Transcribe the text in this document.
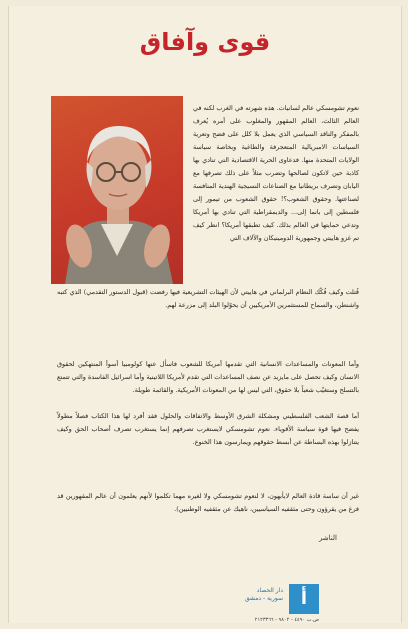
قوى وآفاق
نعوم تشومسكي عالم لسانيات. هذه شهرته في الغرب لكنه في العالم الثالث، العالم المقهور والمغلوب على أمره يُعرف بالمفكر والناقد السياسي الذي يعمل بلا كلل على فضح وتعرية السياسات الامبريالية المتعجرفة والطاغية وبخاصة سياسة الولايات المتحدة منها. فدعاوى الحرية الاقتصادية التي تنادي بها كاذبة حين لاتكون لصالحها وتضرب مثلاً على ذلك تصرفها مع اليابان وتصرف بريطانيا مع الصناعات النسيجية الهندية المنافسة لصناعتها. وحقوق الشعوب؟! حقوق الشعوب من تيمور إلى فلسطين إلى بانما إلى... والديمقراطية التي تنادي بها أمريكا وتدعي حمايتها في العالم بذلك. كيف تطبقها أمريكا؟ انظر كيف تم غزو هاييتي وجمهورية الدومينيكان والآلاف التي
قُتلت وكيف فُكّك النظام البرلماني في هاييتي لأن الهيئات التشريعية فيها رفضت (قبول الدستور التقدمي) الذي كتبه واشنطن، والسماح للمستثمرين الأمريكيين أن يحوّلوا البلد إلى مزرعة لهم.
وأما المعونات والمساعدات الانسانية التي تقدمها أمريكا للشعوب فاسأل عنها كولومبيا أسوأ المنتهكين لحقوق الانسان وكيف تحصل على مايزيد عن نصف المساعدات التي تقدم لأمريكا اللاتينية وأما اسرائيل الفاسدة والتي تتمتع بالتسلح وستغيّب شعباً بلا حقوق، التي ليس لها من المعونات الأمريكية. والقائمة طويلة.
أما قصة الشعب الفلسطيني ومشكلة الشرق الأوسط والاتفاقات والحلول فقد أفرد لها هذا الكتاب فصلاً مطولاً يفضح فيها قوة سياسة الأقوياء. نعوم تشومسكي لايستغرب تصرفهم إنما يستغرب تصرف أصحاب الحق وكيف يتنازلوا بهذه البساطة عن أبسط حقوقهم ويمارسون هذا الخنوع.
غير أن ساسة قادة العالم لايأبهون، لا لنعوم تشومسكي ولا لغيره مهما تكلموا لأنهم يعلمون أن عالم المقهورين قد فرغ من يقرؤون وحتى مثقفيه السياسيين، ناهيك عن مثقفيه الوطنيين).
الناشر
أ
دار الحصاد
سورية - دمشق
ص.ب ٤٤٩٠ - ٩٨٠٢ - ٢١٢٣٣٦٦
